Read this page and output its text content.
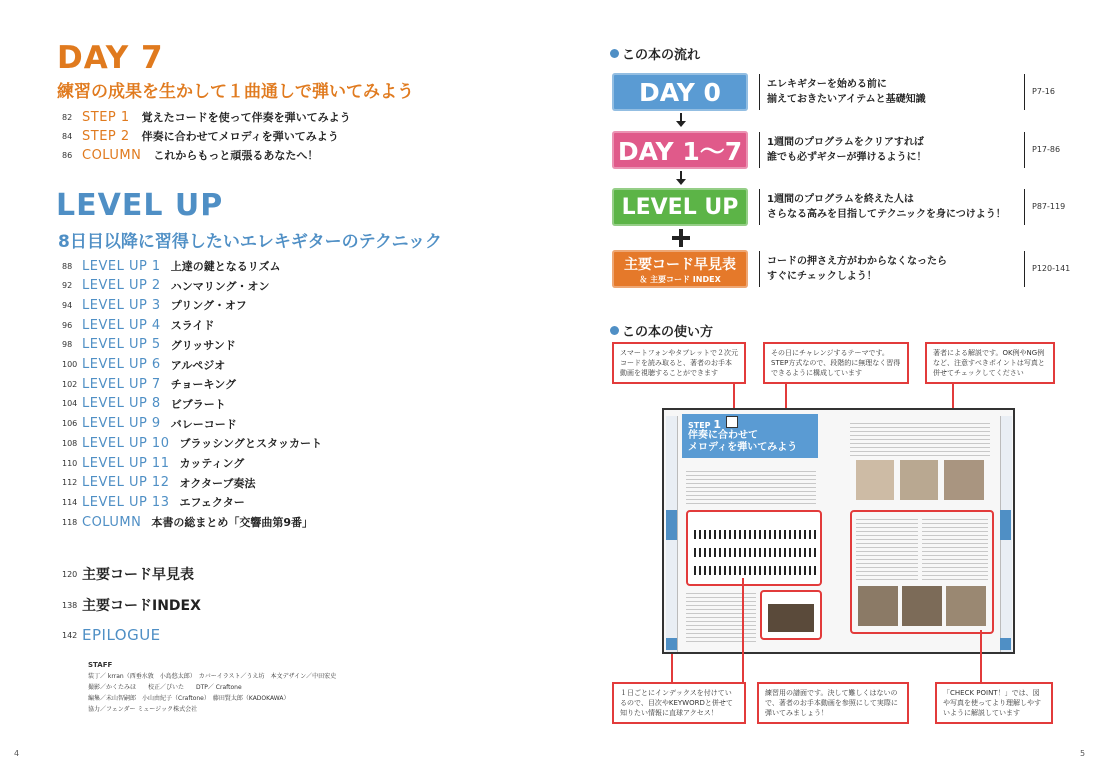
DAY 7
練習の成果を生かして１曲通しで弾いてみよう
82 STEP 1 覚えたコードを使って伴奏を弾いてみよう
84 STEP 2 伴奏に合わせてメロディを弾いてみよう
86 COLUMN これからもっと頑張るあなたへ！
LEVEL UP
8日目以降に習得したいエレキギターのテクニック
88 LEVEL UP 1 上達の鍵となるリズム
92 LEVEL UP 2 ハンマリング・オン
94 LEVEL UP 3 プリング・オフ
96 LEVEL UP 4 スライド
98 LEVEL UP 5 グリッサンド
100 LEVEL UP 6 アルペジオ
102 LEVEL UP 7 チョーキング
104 LEVEL UP 8 ビブラート
106 LEVEL UP 9 バレーコード
108 LEVEL UP 10 ブラッシングとスタッカート
110 LEVEL UP 11 カッティング
112 LEVEL UP 12 オクターブ奏法
114 LEVEL UP 13 エフェクター
118 COLUMN 本書の総まとめ「交響曲第9番」
120 主要コード早見表
138 主要コードINDEX
142 EPILOGUE
STAFF
装丁／ krran（西垂水敦　小島悠太郎）　カバーイラスト／うえ坊　本文デザイン／中田宏史
撮影／かくたみほ　　校正／ぴいた　　DTP／ Craftone
編集／未山智嗣郎　小山由紀子（Craftone）　藤田賢太郎（KADOKAWA）
協力／フェンダー ミュージック株式会社
4
この本の流れ
DAY 0	エレキギターを始める前に
揃えておきたいアイテムと基礎知識
P7-16
DAY 1〜7 1週間のプログラムをクリアすれば
誰でも必ずギターが弾けるように！
P17-86
LEVEL UP	1週間のプログラムを終えた人は
さらなる高みを目指してテクニックを身につけよう！
P87-119
主要コード早見表
＆ 主要コード INDEX
コードの押さえ方がわからなくなったら
すぐにチェックしよう！
P120-141
この本の使い方
スマートフォンやタブレットで２次元コードを読み取ると、著者のお手本動画を視聴することができます
その日にチャレンジするテーマです。STEP方式なので、段階的に無理なく習得できるように構成しています
著者による解説です。OK例やNG例など、注意すべきポイントは写真と併せてチェックしてください
STEP 1
伴奏に合わせて
メロディを弾いてみよう
１日ごとにインデックスを付けているので、目次やKEYWORDと併せて知りたい情報に直球アクセス！
練習用の譜面です。決して難しくはないので、著者のお手本動画を参照にして実際に弾いてみましょう！
「CHECK POINT！」では、図や写真を使ってより理解しやすいように解説しています
5
